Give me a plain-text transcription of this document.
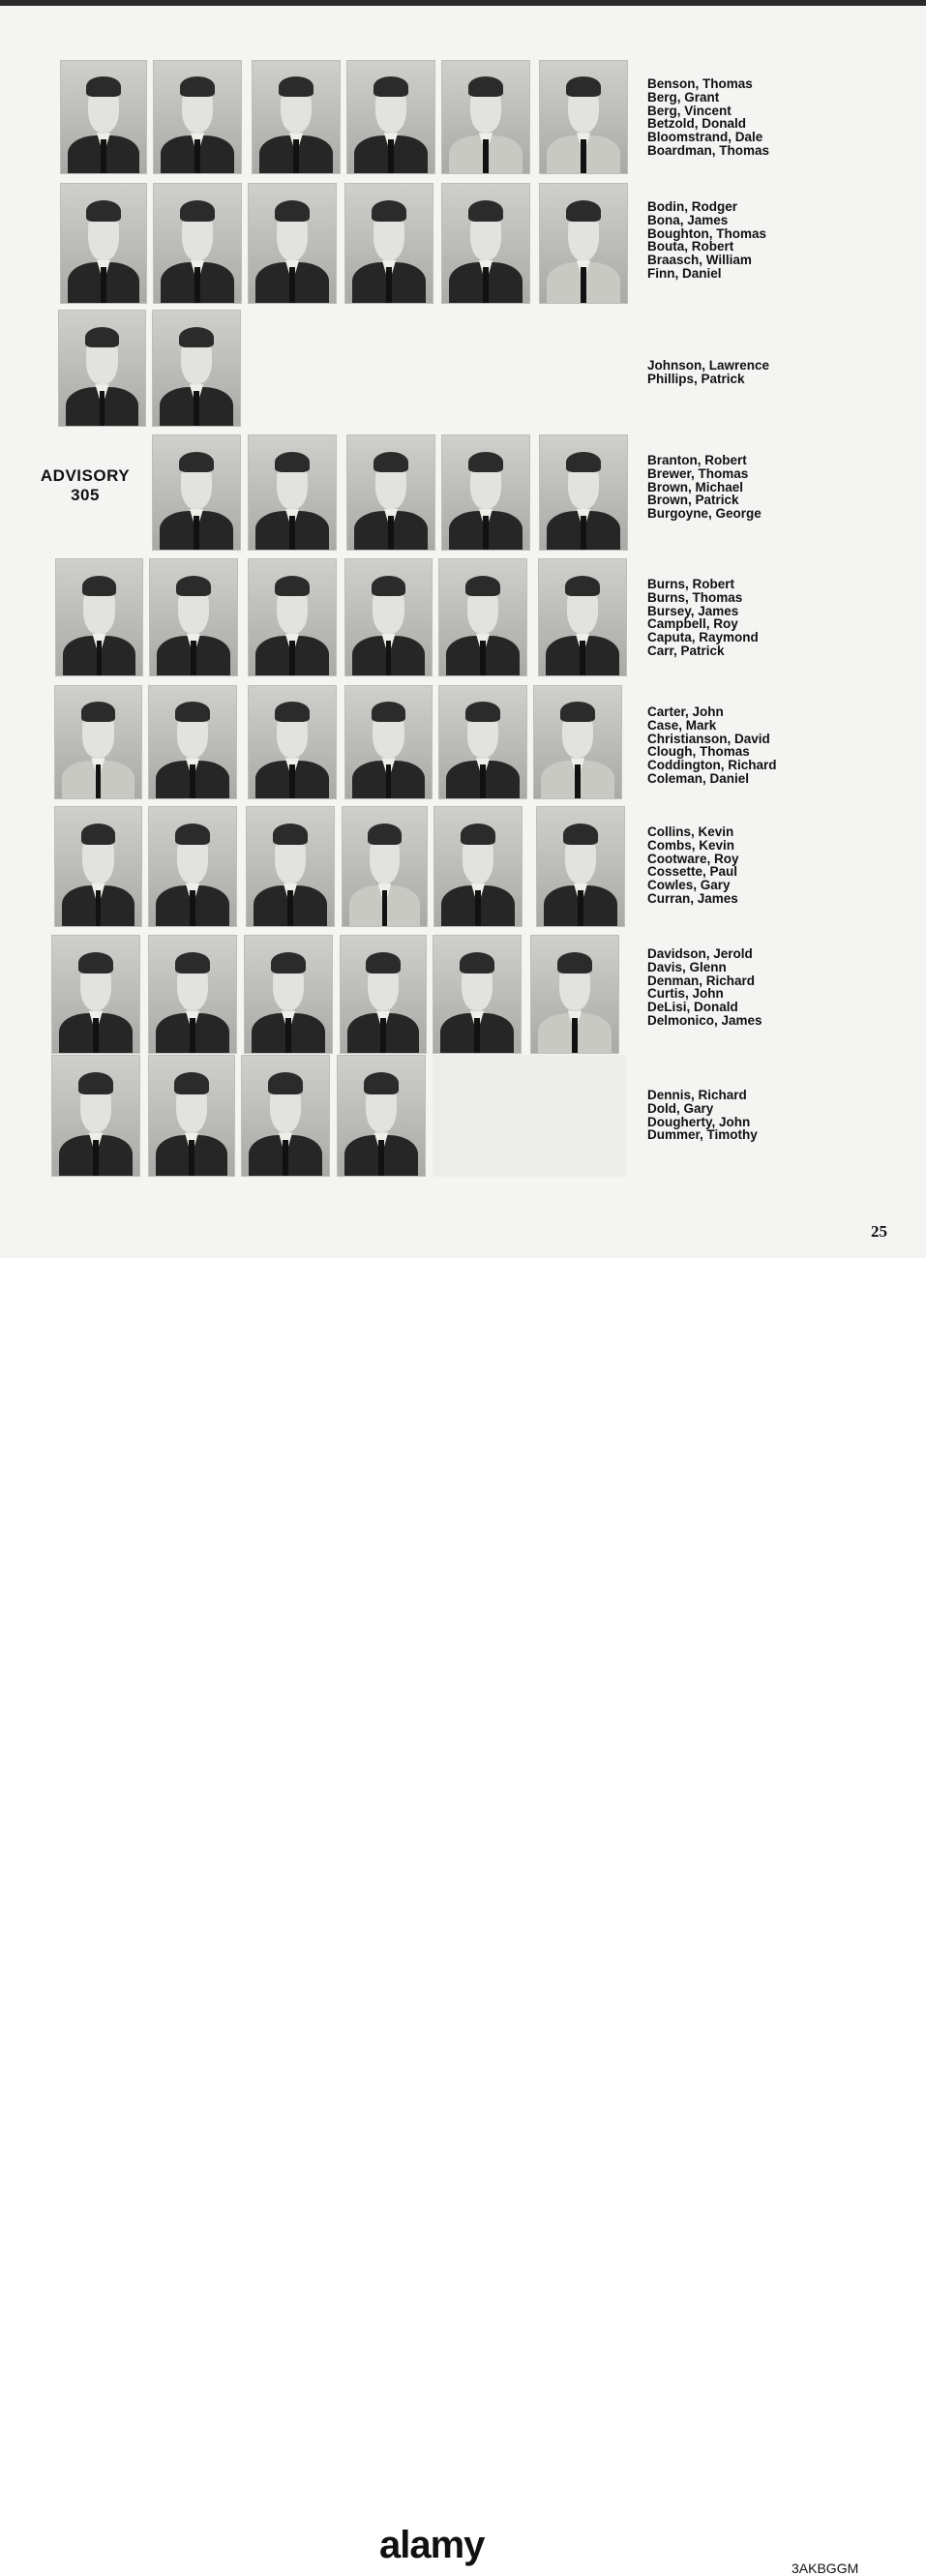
Benson, Thomas
Berg, Grant
Berg, Vincent
Betzold, Donald
Bloomstrand, Dale
Boardman, Thomas
Bodin, Rodger
Bona, James
Boughton, Thomas
Bouta, Robert
Braasch, William
Finn, Daniel
Johnson, Lawrence
Phillips, Patrick
ADVISORY
305
Branton, Robert
Brewer, Thomas
Brown, Michael
Brown, Patrick
Burgoyne, George
Burns, Robert
Burns, Thomas
Bursey, James
Campbell, Roy
Caputa, Raymond
Carr, Patrick
Carter, John
Case, Mark
Christianson, David
Clough, Thomas
Coddington, Richard
Coleman, Daniel
Collins, Kevin
Combs, Kevin
Cootware, Roy
Cossette, Paul
Cowles, Gary
Curran, James
Davidson, Jerold
Davis, Glenn
Denman, Richard
Curtis, John
DeLisi, Donald
Delmonico, James
Dennis, Richard
Dold, Gary
Dougherty, John
Dummer, Timothy
25
alamy
3AKBGGM
